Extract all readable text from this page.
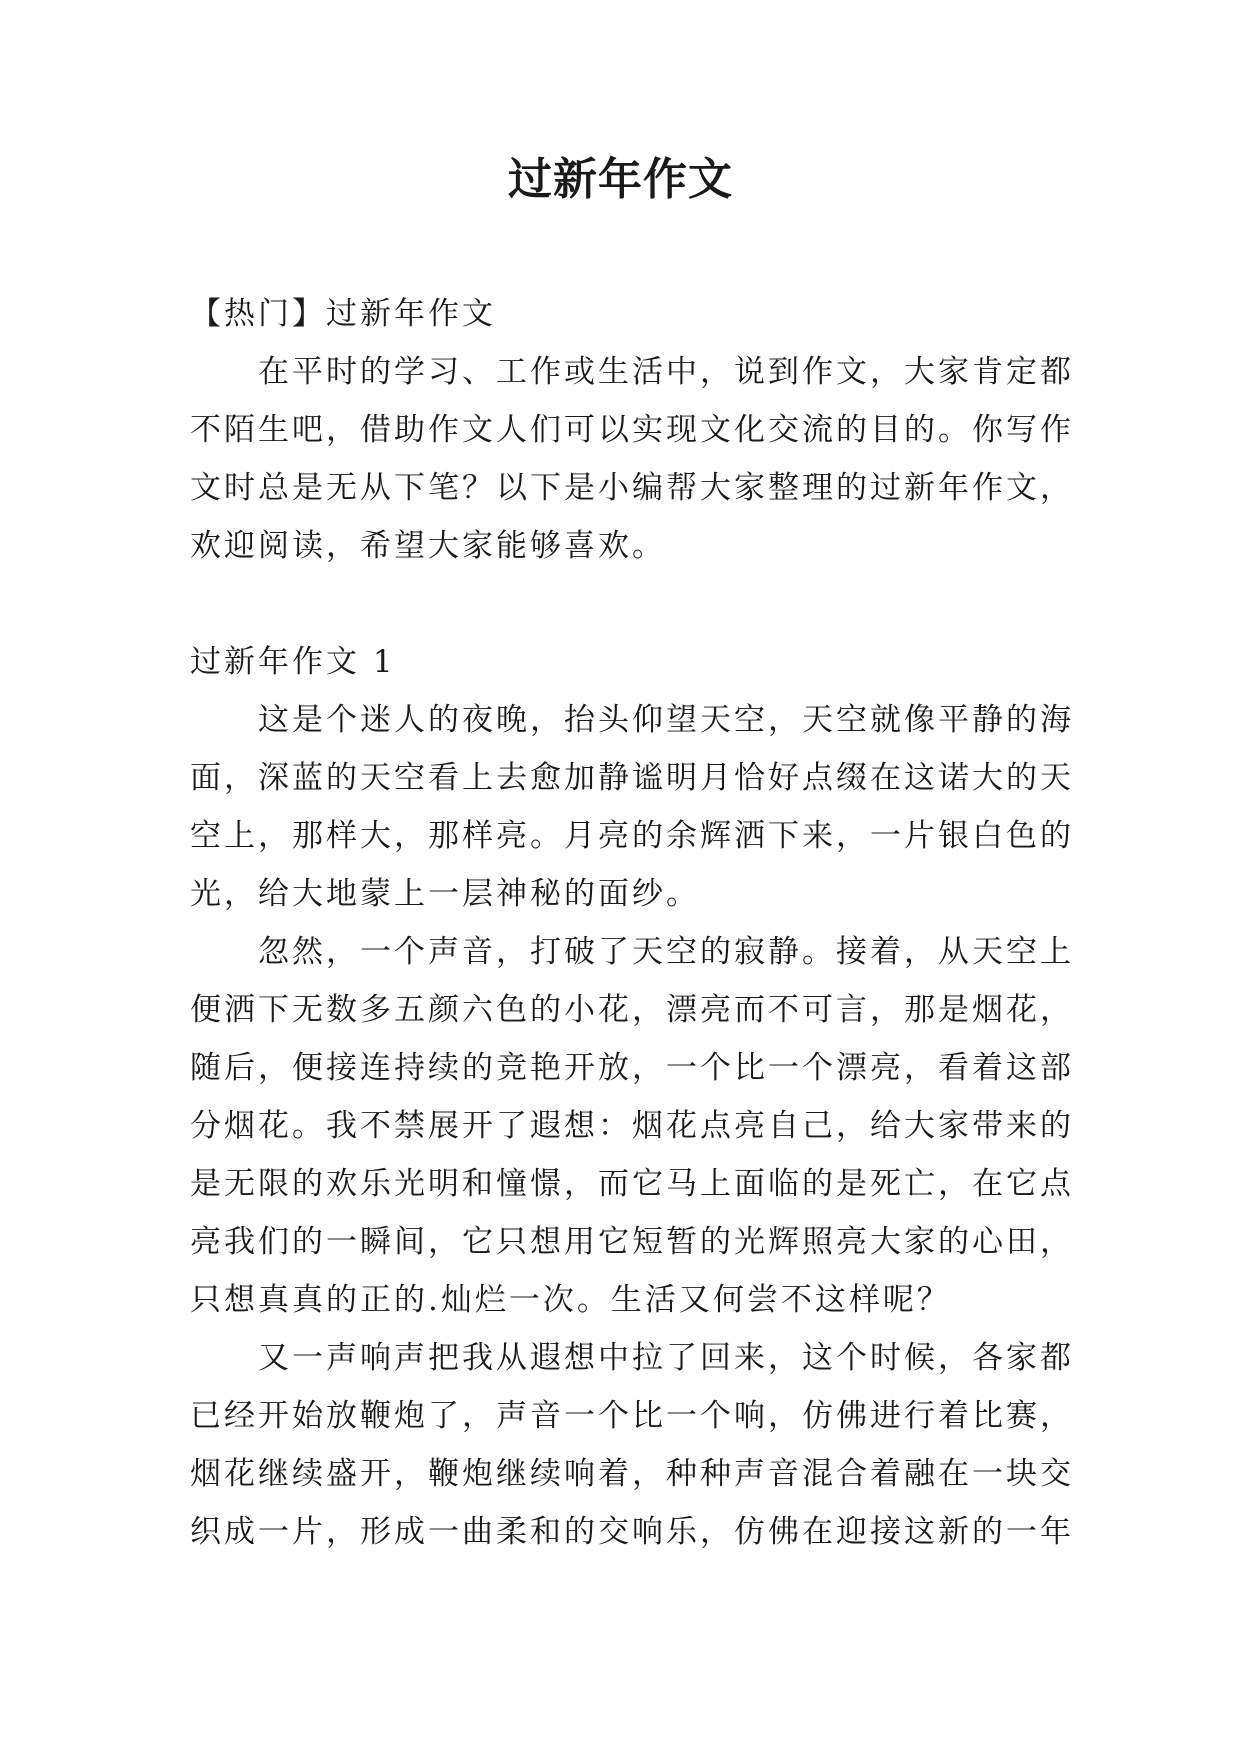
过新年作文
【热门】过新年作文
在平时的学习、工作或生活中，说到作文，大家肯定都
不陌生吧，借助作文人们可以实现文化交流的目的。你写作
文时总是无从下笔？以下是小编帮大家整理的过新年作文，
欢迎阅读，希望大家能够喜欢。
过新年作文 1
这是个迷人的夜晚，抬头仰望天空，天空就像平静的海
面，深蓝的天空看上去愈加静谧明月恰好点缀在这诺大的天
空上，那样大，那样亮。月亮的余辉洒下来，一片银白色的
光，给大地蒙上一层神秘的面纱。
忽然，一个声音，打破了天空的寂静。接着，从天空上
便洒下无数多五颜六色的小花，漂亮而不可言，那是烟花，
随后，便接连持续的竞艳开放，一个比一个漂亮，看着这部
分烟花。我不禁展开了遐想：烟花点亮自己，给大家带来的
是无限的欢乐光明和憧憬，而它马上面临的是死亡，在它点
亮我们的一瞬间，它只想用它短暂的光辉照亮大家的心田，
只想真真的正的.灿烂一次。生活又何尝不这样呢？
又一声响声把我从遐想中拉了回来，这个时候，各家都
已经开始放鞭炮了，声音一个比一个响，仿佛进行着比赛，
烟花继续盛开，鞭炮继续响着，种种声音混合着融在一块交
织成一片，形成一曲柔和的交响乐，仿佛在迎接这新的一年
